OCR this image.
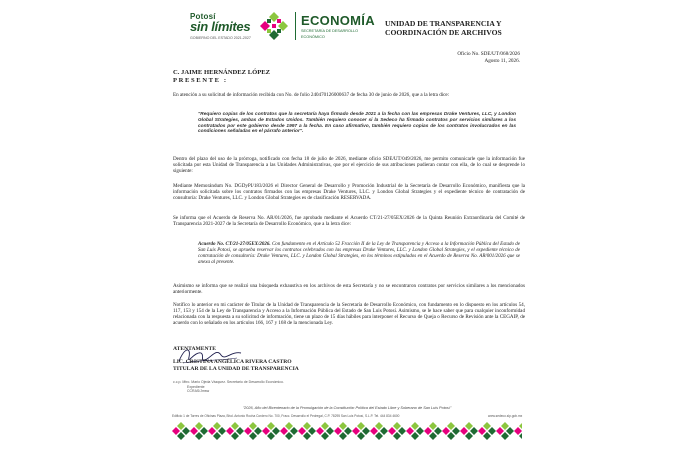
Potosí
sin límites
GOBIERNO DEL ESTADO 2021-2027
ECONOMÍA
SECRETARÍA DE DESARROLLO
ECONÓMICO
UNIDAD DE TRANSPARENCIA Y
COORDINACIÓN DE ARCHIVOS
Oficio No. SDE/UT/068/2026
Agosto 11, 2026.
C. JAIME HERNÁNDEZ LÓPEZ
PRESENTE :
En atención a su solicitud de información recibida con No. de folio 240470126000637 de fecha 30 de junio de 2026, que a la letra dice:
"Requiero copias de los contratos que la secretaría haya firmado desde 2021 a la fecha con las empresas Drake Ventures, LLC, y London Global Strategies, ambas de Estados Unidos. También requiero conocer si la Sedeco ha firmado contratos por servicios similares a los contratados por este gobierno desde 1997 a la fecha. En caso afirmativo, también requiero copias de los contratos involucrados en las condiciones señaladas en el párrafo anterior".
Dentro del plazo del uso de la prórroga, notificado con fecha 18 de julio de 2026, mediante oficio SDE/UT/049/2026, me permito comunicarle que la información fue solicitada por esta Unidad de Transparencia a las Unidades Administrativas, que por el ejercicio de sus atribuciones pudieran contar con ella, de lo cual se desprende lo siguiente:
Mediante Memorándum No. DGDyPI/183/2026 el Director General de Desarrollo y Promoción Industrial de la Secretaría de Desarrollo Económico, manifiesta que la información solicitada sobre los contratos firmados con las empresas Drake Ventures, LLC. y London Global Strategies y el expediente técnico de contratación de consultoría: Drake Ventures, LLC. y London Global Strategies es de clasificación RESERVADA.
Se informa que el Acuerdo de Reserva No. AR/01/2026, fue aprobado mediante el Acuerdo CT/21-27/05EX/2026 de la Quinta Reunión Extraordinaria del Comité de Transparencia 2021-2027 de la Secretaría de Desarrollo Económico, que a la letra dice:
Acuerdo No. CT/21-27/05EX/2026. Con fundamento en el Artículo 52 Fracción II de la Ley de Transparencia y Acceso a la Información Pública del Estado de San Luis Potosí, se aprueba reservar los contratos celebrados con las empresas Drake Ventures, LLC. y London Global Strategies, y el expediente técnico de contratación de consultoría: Drake Ventures, LLC. y London Global Strategies, en los términos estipulados en el Acuerdo de Reserva No. AR/001/2026 que se anexa al presente.
Asimismo se informa que se realizó una búsqueda exhaustiva en los archivos de esta Secretaría y no se encontraron contratos por servicios similares a los mencionados anteriormente.
Notifico lo anterior en mi carácter de Titular de la Unidad de Transparencia de la Secretaría de Desarrollo Económico, con fundamento en lo dispuesto en los artículos 54, 117, 153 y 154 de la Ley de Transparencia y Acceso a la Información Pública del Estado de San Luis Potosí. Asimismo, se le hace saber que para cualquier inconformidad relacionada con la respuesta a su solicitud de información, tiene un plazo de 15 días hábiles para interponer el Recurso de Queja o Recurso de Revisión ante la CEGAIP, de acuerdo con lo señalado en los artículos 166, 167 y 168 de la mencionada Ley.
ATENTAMENTE
LIC. CRISTINA ANGÉLICA RIVERA CASTRO
TITULAR DE LA UNIDAD DE TRANSPARENCIA
c.c.p. Mtro. Mario Ojeda Vázquez. Secretario de Desarrollo Económico.
Expediente
CCRAS/Jmsw
"2026, Año del Bicentenario de la Promulgación de la Constitución Política del Estado Libre y Soberano de San Luis Potosí"
Edificio 1 de Torres de Oficinas Plaza, Blvd. Antonio Rocha Cordero No. 700, Fracc. Desarrollo el Pedregal, C.P. 78295 San Luis Potosí, S.L.P. Tel. 444 834 4600	www.sedeco.slp.gob.mx
